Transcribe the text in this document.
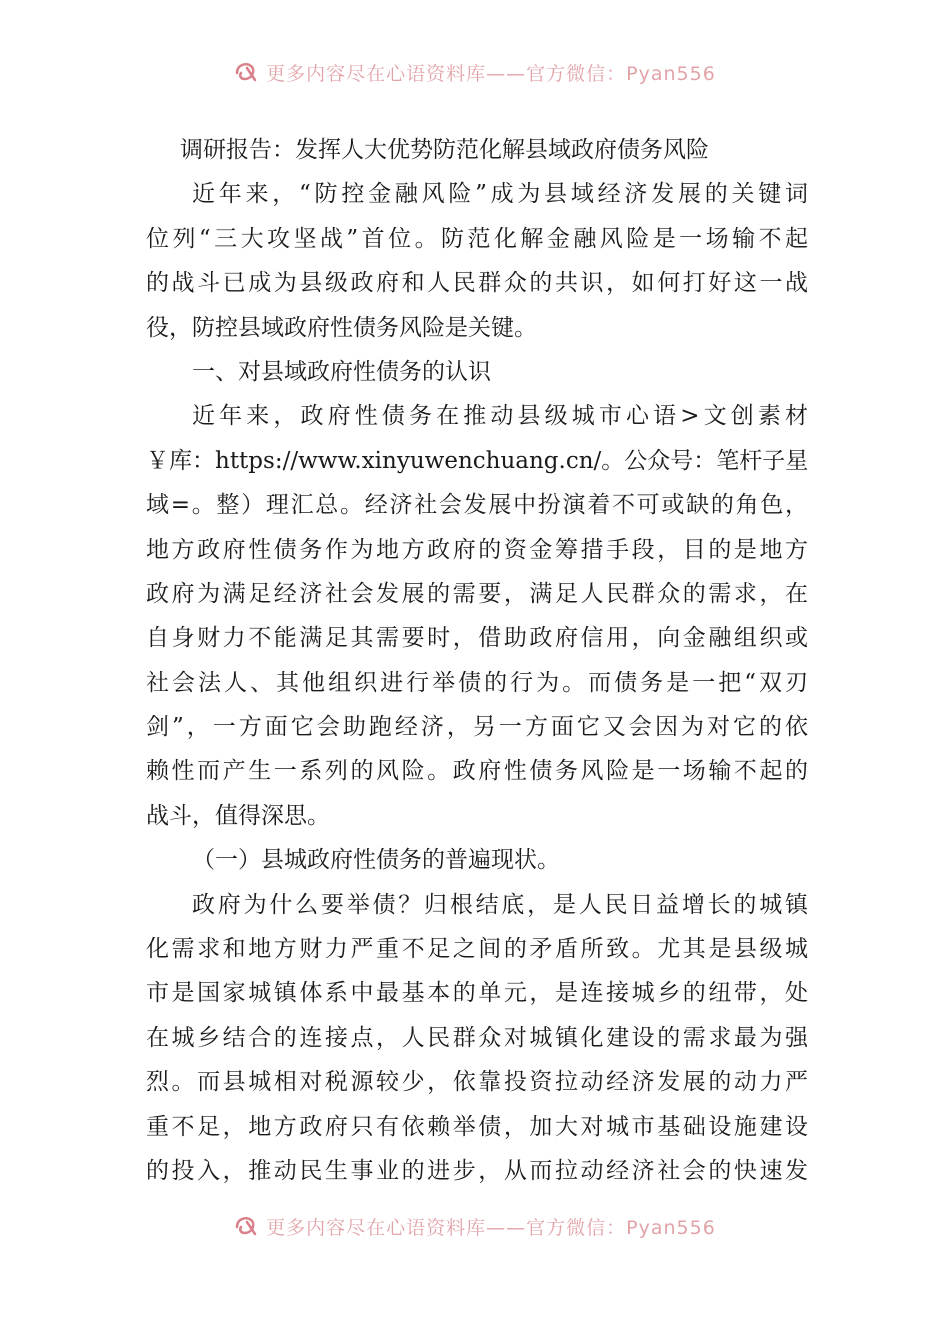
更多内容尽在心语资料库——官方微信：Pyan556
调研报告：发挥人大优势防范化解县域政府债务风险
近年来，“防控金融风险”成为县域经济发展的关键词
位列“三大攻坚战”首位。防范化解金融风险是一场输不起
的战斗已成为县级政府和人民群众的共识，如何打好这一战
役，防控县域政府性债务风险是关键。
一、对县域政府性债务的认识
近年来，政府性债务在推动县级城市心语>文创素材
￥库：https://www.xinyuwenchuang.cn/。公众号：笔杆子星
域=。整）理汇总。经济社会发展中扮演着不可或缺的角色，
地方政府性债务作为地方政府的资金筹措手段，目的是地方
政府为满足经济社会发展的需要，满足人民群众的需求，在
自身财力不能满足其需要时，借助政府信用，向金融组织或
社会法人、其他组织进行举债的行为。而债务是一把“双刃
剑”，一方面它会助跑经济，另一方面它又会因为对它的依
赖性而产生一系列的风险。政府性债务风险是一场输不起的
战斗，值得深思。
（一）县城政府性债务的普遍现状。
政府为什么要举债？归根结底，是人民日益增长的城镇
化需求和地方财力严重不足之间的矛盾所致。尤其是县级城
市是国家城镇体系中最基本的单元，是连接城乡的纽带，处
在城乡结合的连接点，人民群众对城镇化建设的需求最为强
烈。而县城相对税源较少，依靠投资拉动经济发展的动力严
重不足，地方政府只有依赖举债，加大对城市基础设施建设
的投入，推动民生事业的进步，从而拉动经济社会的快速发
更多内容尽在心语资料库——官方微信：Pyan556
